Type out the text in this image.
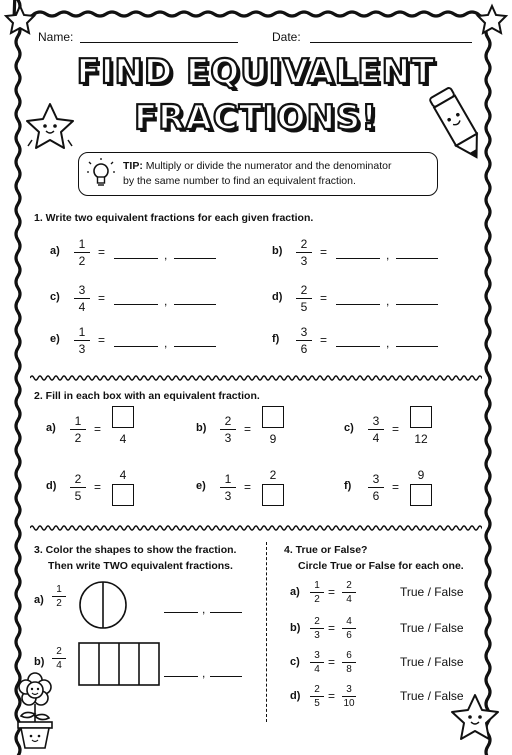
Name:	Date:
FIND EQUIVALENT
FRACTIONS!
TIP: Multiply or divide the numerator and the denominator
by the same number to find an equivalent fraction.
1. Write two equivalent fractions for each given fraction.
a)	1
2
=	,	b)	2
3
=	,
c)	3
4
=	,	d)	2
5
=	,
e)	1
3
=	,	f)	3
6
=	,
2. Fill in each box with an equivalent fraction.
a)	1
2
=
4
b)	2
3
=
9
c)	3
4
=
12
d)	2
5
=
4
e)	1
3
=
2
f)	3
6
=
9
3. Color the shapes to show the fraction.
Then write TWO equivalent fractions.
a)
1
2	,
b)
2
4
,
4. True or False?
Circle True or False for each one.
a)
1
2
=	2
4
True / False
b)
2
3
=	4
6
True / False
c)
3
4
=	6
8
True / False
d)
2
5
=	3
10
True / False
